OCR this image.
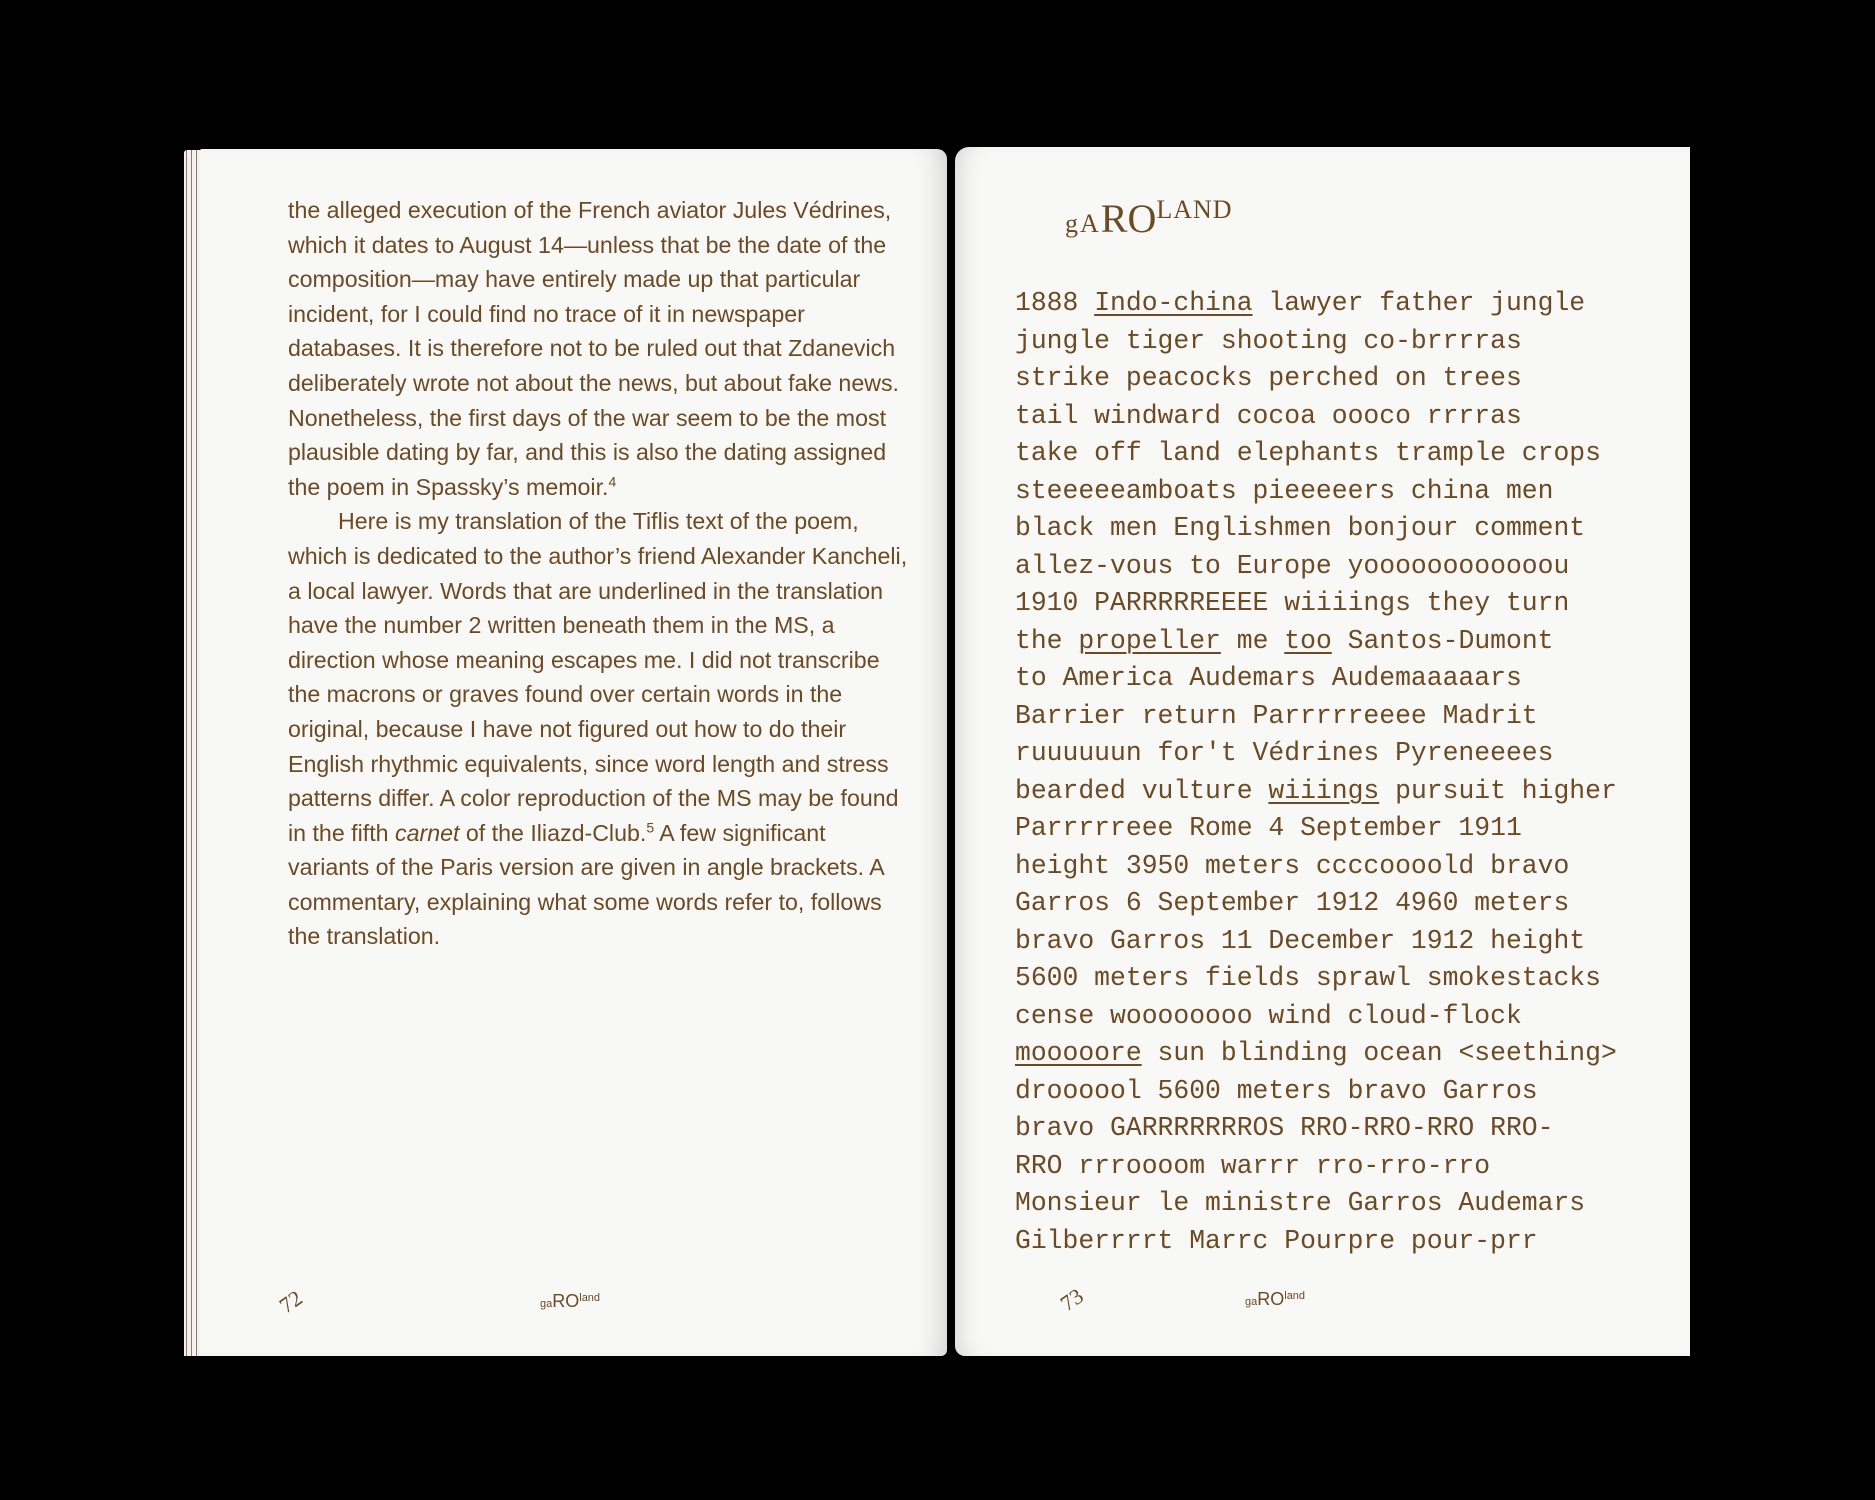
the alleged execution of the French aviator Jules Védrines, which it dates to August 14—unless that be the date of the composition—may have entirely made up that particular incident, for I could find no trace of it in newspaper databases. It is therefore not to be ruled out that Zdanevich deliberately wrote not about the news, but about fake news. Nonetheless, the first days of the war seem to be the most plausible dating by far, and this is also the dating assigned the poem in Spassky’s memoir.$^4$

Here is my translation of the Tiflis text of the poem, which is dedicated to the author’s friend Alexander Kancheli, a local lawyer. Words that are underlined in the translation have the number 2 written beneath them in the MS, a direction whose meaning escapes me. I did not transcribe the macrons or graves found over certain words in the original, because I have not figured out how to do their English rhythmic equivalents, since word length and stress patterns differ. A color reproduction of the MS may be found in the fifth carnet of the Iliazd-Club.$^5$ A few significant variants of the Paris version are given in angle brackets. A commentary, explaining what some words refer to, follows the translation.

72	gaRO$^{land}$
gAROLAND
1888 Indo-china lawyer father jungle
jungle tiger shooting co-brrrras
strike peacocks perched on trees
tail windward cocoa oooco rrrras
take off land elephants trample crops
steeeeeamboats pieeeeers china men
black men Englishmen bonjour comment
allez-vous to Europe yoooooooooooou
1910 PARRRRREEEE wiiiings they turn
the propeller me too Santos-Dumont
to America Audemars Audemaaaaars
Barrier return Parrrrreeee Madrit
ruuuuuun for't Védrines Pyreneeees
bearded vulture wiiings pursuit higher
Parrrrreee Rome 4 September 1911
height 3950 meters ccccoooold bravo
Garros 6 September 1912 4960 meters
bravo Garros 11 December 1912 height
5600 meters fields sprawl smokestacks
cense woooooooo wind cloud-flock
mooooore sun blinding ocean <seething>
droooool 5600 meters bravo Garros
bravo GARRRRRRROS RRO-RRO-RRO RRO-
RRO rrroooom warrr rro-rro-rro
Monsieur le ministre Garros Audemars
Gilberrrrt Marrc Pourpre pour-prr
73	gaRO$^{land}$
